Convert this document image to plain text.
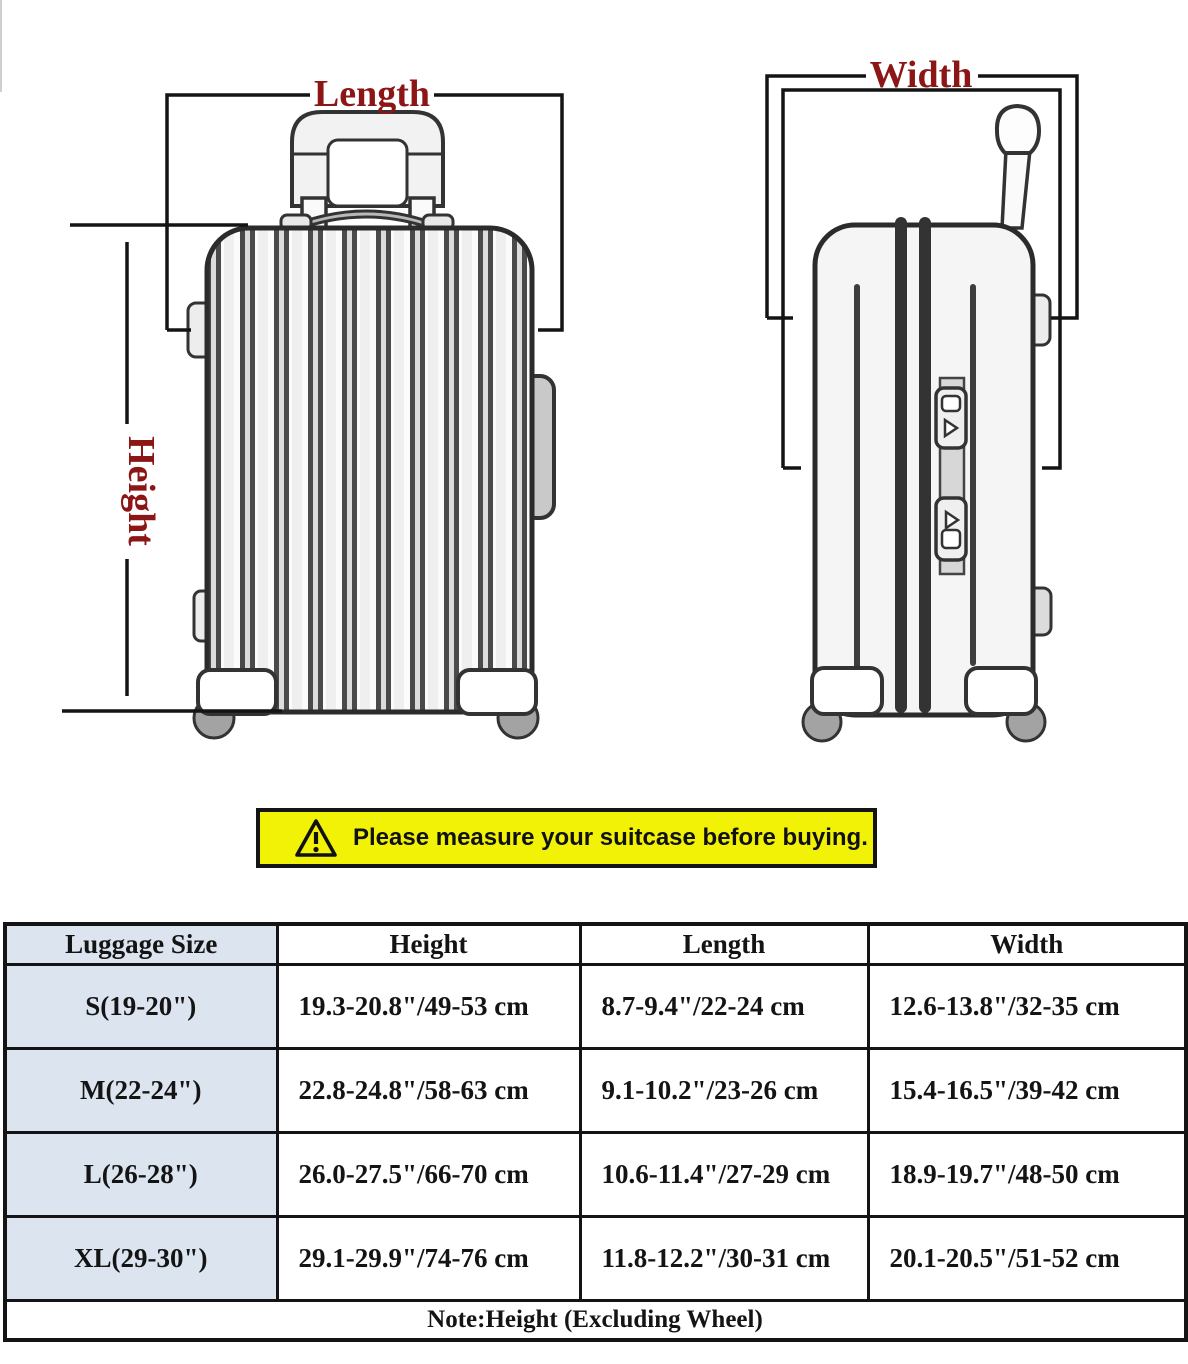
Length	Width
Height
Please measure your suitcase before buying.
Luggage Size	Height	Length	Width
S(19-20")	19.3-20.8"/49-53 cm	8.7-9.4"/22-24 cm	12.6-13.8"/32-35 cm
M(22-24")	22.8-24.8"/58-63 cm	9.1-10.2"/23-26 cm	15.4-16.5"/39-42 cm
L(26-28")	26.0-27.5"/66-70 cm	10.6-11.4"/27-29 cm	18.9-19.7"/48-50 cm
XL(29-30")	29.1-29.9"/74-76 cm	11.8-12.2"/30-31 cm	20.1-20.5"/51-52 cm
Note:Height (Excluding Wheel)			
